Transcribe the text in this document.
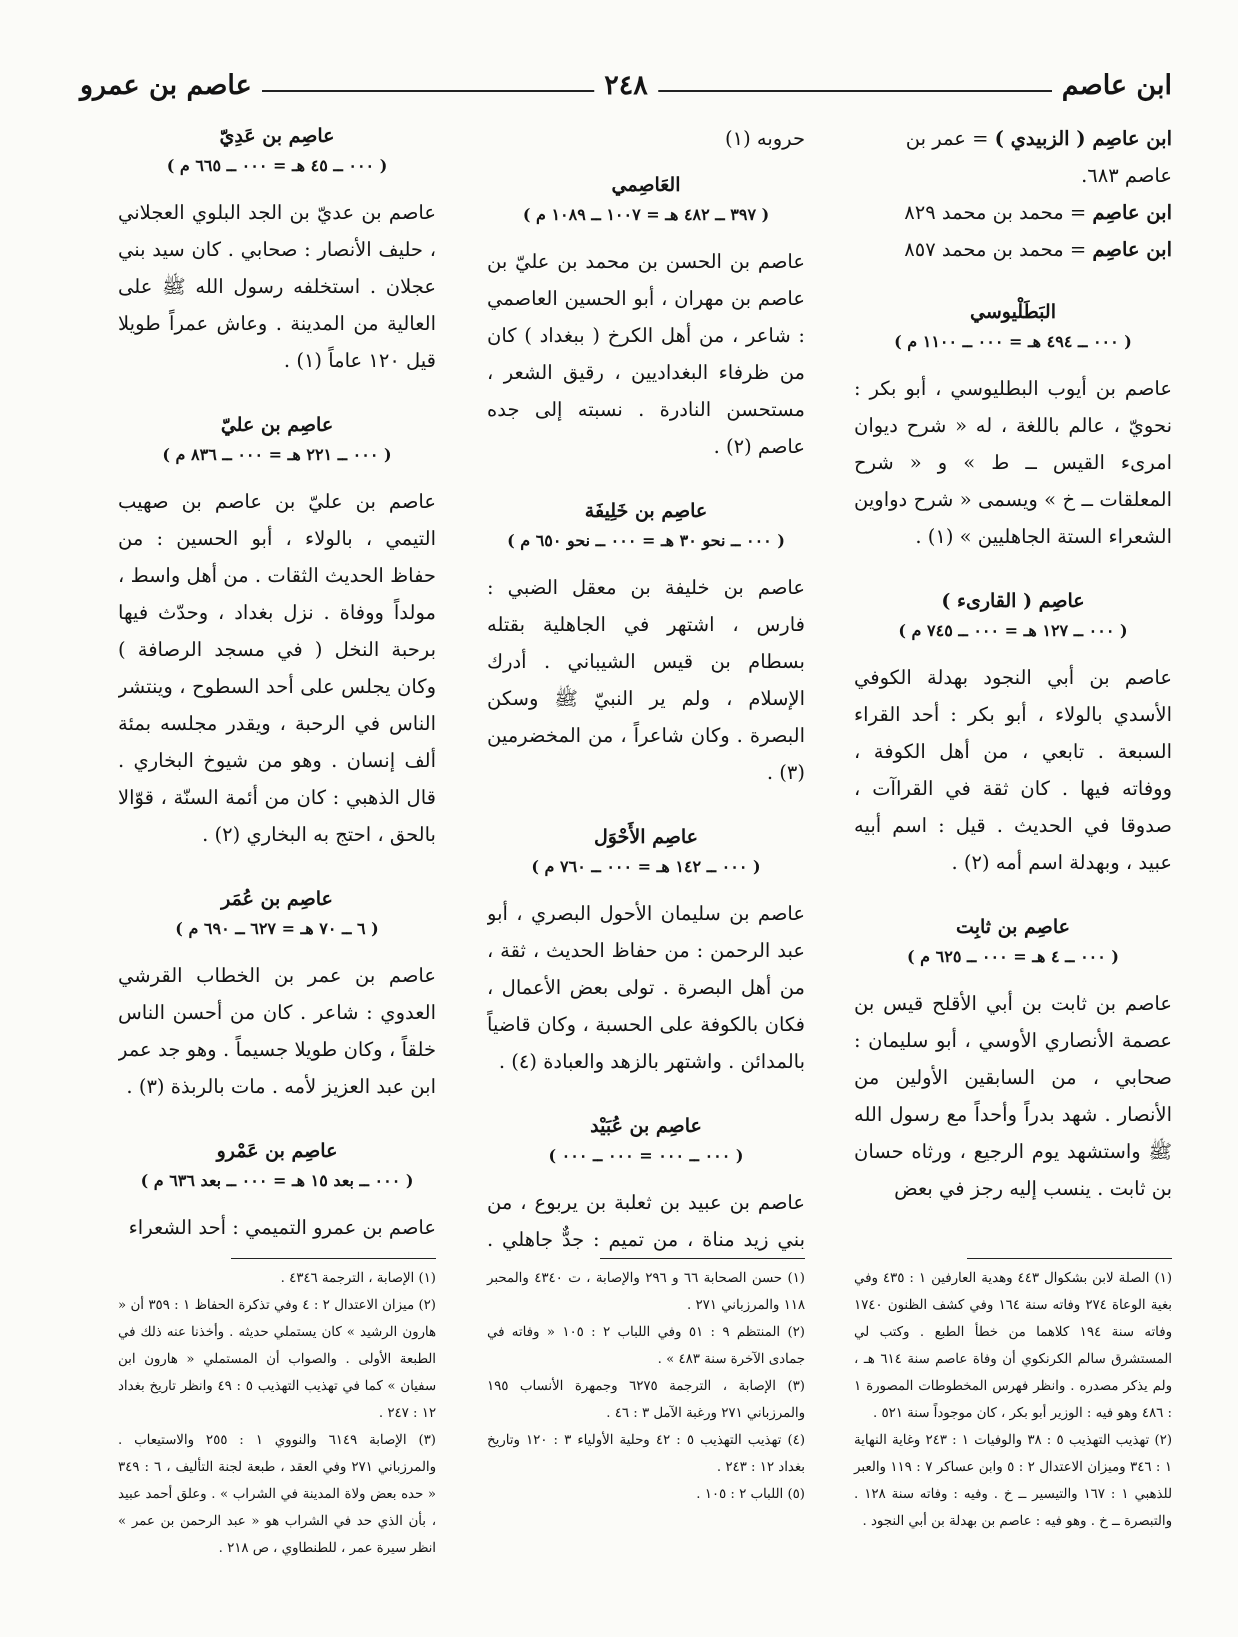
ابن عاصم
٢٤٨
عاصم بن عمرو

ابن عاصِم ( الزبيدي ) = عمر بن عاصم ٦٨٣.

ابن عاصِم = محمد بن محمد ٨٢٩

ابن عاصِم = محمد بن محمد ٨٥٧

البَطَلْيوسي

( ٠٠٠ ــ ٤٩٤ هـ = ٠٠٠ ــ ١١٠٠ م )

عاصم بن أيوب البطليوسي ، أبو بكر : نحويّ ، عالم باللغة ، له « شرح ديوان امرىء القيس ــ ط » و « شرح المعلقات ــ خ » ويسمى « شرح دواوين الشعراء الستة الجاهليين » (١) .

عاصِم ( القارىء )

( ٠٠٠ ــ ١٢٧ هـ = ٠٠٠ ــ ٧٤٥ م )

عاصم بن أبي النجود بهدلة الكوفي الأسدي بالولاء ، أبو بكر : أحد القراء السبعة . تابعي ، من أهل الكوفة ، ووفاته فيها . كان ثقة في القراآت ، صدوقا في الحديث . قيل : اسم أبيه عبيد ، وبهدلة اسم أمه (٢) .

عاصِم بن ثابِت

( ٠٠٠ ــ ٤ هـ = ٠٠٠ ــ ٦٢٥ م )

عاصم بن ثابت بن أبي الأقلح قيس بن عصمة الأنصاري الأوسي ، أبو سليمان : صحابي ، من السابقين الأولين من الأنصار . شهد بدراً وأحداً مع رسول الله ﷺ واستشهد يوم الرجيع ، ورثاه حسان بن ثابت . ينسب إليه رجز في بعض

حروبه (١)

العَاصِمي

( ٣٩٧ ــ ٤٨٢ هـ = ١٠٠٧ ــ ١٠٨٩ م )

عاصم بن الحسن بن محمد بن عليّ بن عاصم بن مهران ، أبو الحسين العاصمي : شاعر ، من أهل الكرخ ( ببغداد ) كان من ظرفاء البغداديين ، رقيق الشعر ، مستحسن النادرة . نسبته إلى جده عاصم (٢) .

عاصِم بن خَلِيفَة

( ٠٠٠ ــ نحو ٣٠ هـ = ٠٠٠ ــ نحو ٦٥٠ م )

عاصم بن خليفة بن معقل الضبي : فارس ، اشتهر في الجاهلية بقتله بسطام بن قيس الشيباني . أدرك الإسلام ، ولم ير النبيّ ﷺ وسكن البصرة . وكان شاعراً ، من المخضرمين (٣) .

عاصِم الأَحْوَل

( ٠٠٠ ــ ١٤٢ هـ = ٠٠٠ ــ ٧٦٠ م )

عاصم بن سليمان الأحول البصري ، أبو عبد الرحمن : من حفاظ الحديث ، ثقة ، من أهل البصرة . تولى بعض الأعمال ، فكان بالكوفة على الحسبة ، وكان قاضياً بالمدائن . واشتهر بالزهد والعبادة (٤) .

عاصِم بن عُبَيْد

( ٠٠٠ ــ ٠٠٠ = ٠٠٠ ــ ٠٠٠ )

عاصم بن عبيد بن ثعلبة بن يربوع ، من بني زيد مناة ، من تميم : جدٌّ جاهلي .

عاصِم بن عَدِيّ

( ٠٠٠ ــ ٤٥ هـ = ٠٠٠ ــ ٦٦٥ م )

عاصم بن عديّ بن الجد البلوي العجلاني ، حليف الأنصار : صحابي . كان سيد بني عجلان . استخلفه رسول الله ﷺ على العالية من المدينة . وعاش عمراً طويلا قيل ١٢٠ عاماً (١) .

عاصِم بن عليّ

( ٠٠٠ ــ ٢٢١ هـ = ٠٠٠ ــ ٨٣٦ م )

عاصم بن عليّ بن عاصم بن صهيب التيمي ، بالولاء ، أبو الحسين : من حفاظ الحديث الثقات . من أهل واسط ، مولداً ووفاة . نزل بغداد ، وحدّث فيها برحبة النخل ( في مسجد الرصافة ) وكان يجلس على أحد السطوح ، وينتشر الناس في الرحبة ، ويقدر مجلسه بمئة ألف إنسان . وهو من شيوخ البخاري . قال الذهبي : كان من أئمة السنّة ، قوّالا بالحق ، احتج به البخاري (٢) .

عاصِم بن عُمَر

( ٦ ــ ٧٠ هـ = ٦٢٧ ــ ٦٩٠ م )

عاصم بن عمر بن الخطاب القرشي العدوي : شاعر . كان من أحسن الناس خلقاً ، وكان طويلا جسيماً . وهو جد عمر ابن عبد العزيز لأمه . مات بالربذة (٣) .

عاصِم بن عَمْرو

( ٠٠٠ ــ بعد ١٥ هـ = ٠٠٠ ــ بعد ٦٣٦ م )

عاصم بن عمرو التميمي : أحد الشعراء

(١) الصلة لابن بشكوال ٤٤٣ وهدية العارفين ١ : ٤٣٥ وفي بغية الوعاة ٢٧٤ وفاته سنة ١٦٤ وفي كشف الظنون ١٧٤٠ وفاته سنة ١٩٤ كلاهما من خطأ الطبع . وكتب لي المستشرق سالم الكرنكوي أن وفاة عاصم سنة ٦١٤ هـ ، ولم يذكر مصدره . وانظر فهرس المخطوطات المصورة ١ : ٤٨٦ وهو فيه : الوزير أبو بكر ، كان موجوداً سنة ٥٢١ .

(٢) تهذيب التهذيب ٥ : ٣٨ والوفيات ١ : ٢٤٣ وغاية النهاية ١ : ٣٤٦ وميزان الاعتدال ٢ : ٥ وابن عساكر ٧ : ١١٩ والعبر للذهبي ١ : ١٦٧ والتيسير ــ خ . وفيه : وفاته سنة ١٢٨ . والتبصرة ــ خ . وهو فيه : عاصم بن بهدلة بن أبي النجود .

(١) حسن الصحابة ٦٦ و ٢٩٦ والإصابة ، ت ٤٣٤٠ والمحبر ١١٨ والمرزباني ٢٧١ .

(٢) المنتظم ٩ : ٥١ وفي اللباب ٢ : ١٠٥ « وفاته في جمادى الآخرة سنة ٤٨٣ » .

(٣) الإصابة ، الترجمة ٦٢٧٥ وجمهرة الأنساب ١٩٥ والمرزباني ٢٧١ ورغبة الآمل ٣ : ٤٦ .

(٤) تهذيب التهذيب ٥ : ٤٢ وحلية الأولياء ٣ : ١٢٠ وتاريخ بغداد ١٢ : ٢٤٣ .

(٥) اللباب ٢ : ١٠٥ .

(١) الإصابة ، الترجمة ٤٣٤٦ .

(٢) ميزان الاعتدال ٢ : ٤ وفي تذكرة الحفاظ ١ : ٣٥٩ أن « هارون الرشيد » كان يستملي حديثه . وأخذنا عنه ذلك في الطبعة الأولى . والصواب أن المستملي « هارون ابن سفيان » كما في تهذيب التهذيب ٥ : ٤٩ وانظر تاريخ بغداد ١٢ : ٢٤٧ .

(٣) الإصابة ٦١٤٩ والنووي ١ : ٢٥٥ والاستيعاب . والمرزباني ٢٧١ وفي العقد ، طبعة لجنة التأليف ، ٦ : ٣٤٩ « حده بعض ولاة المدينة في الشراب » . وعلق أحمد عبيد ، بأن الذي حد في الشراب هو « عبد الرحمن بن عمر » انظر سيرة عمر ، للطنطاوي ، ص ٢١٨ .
